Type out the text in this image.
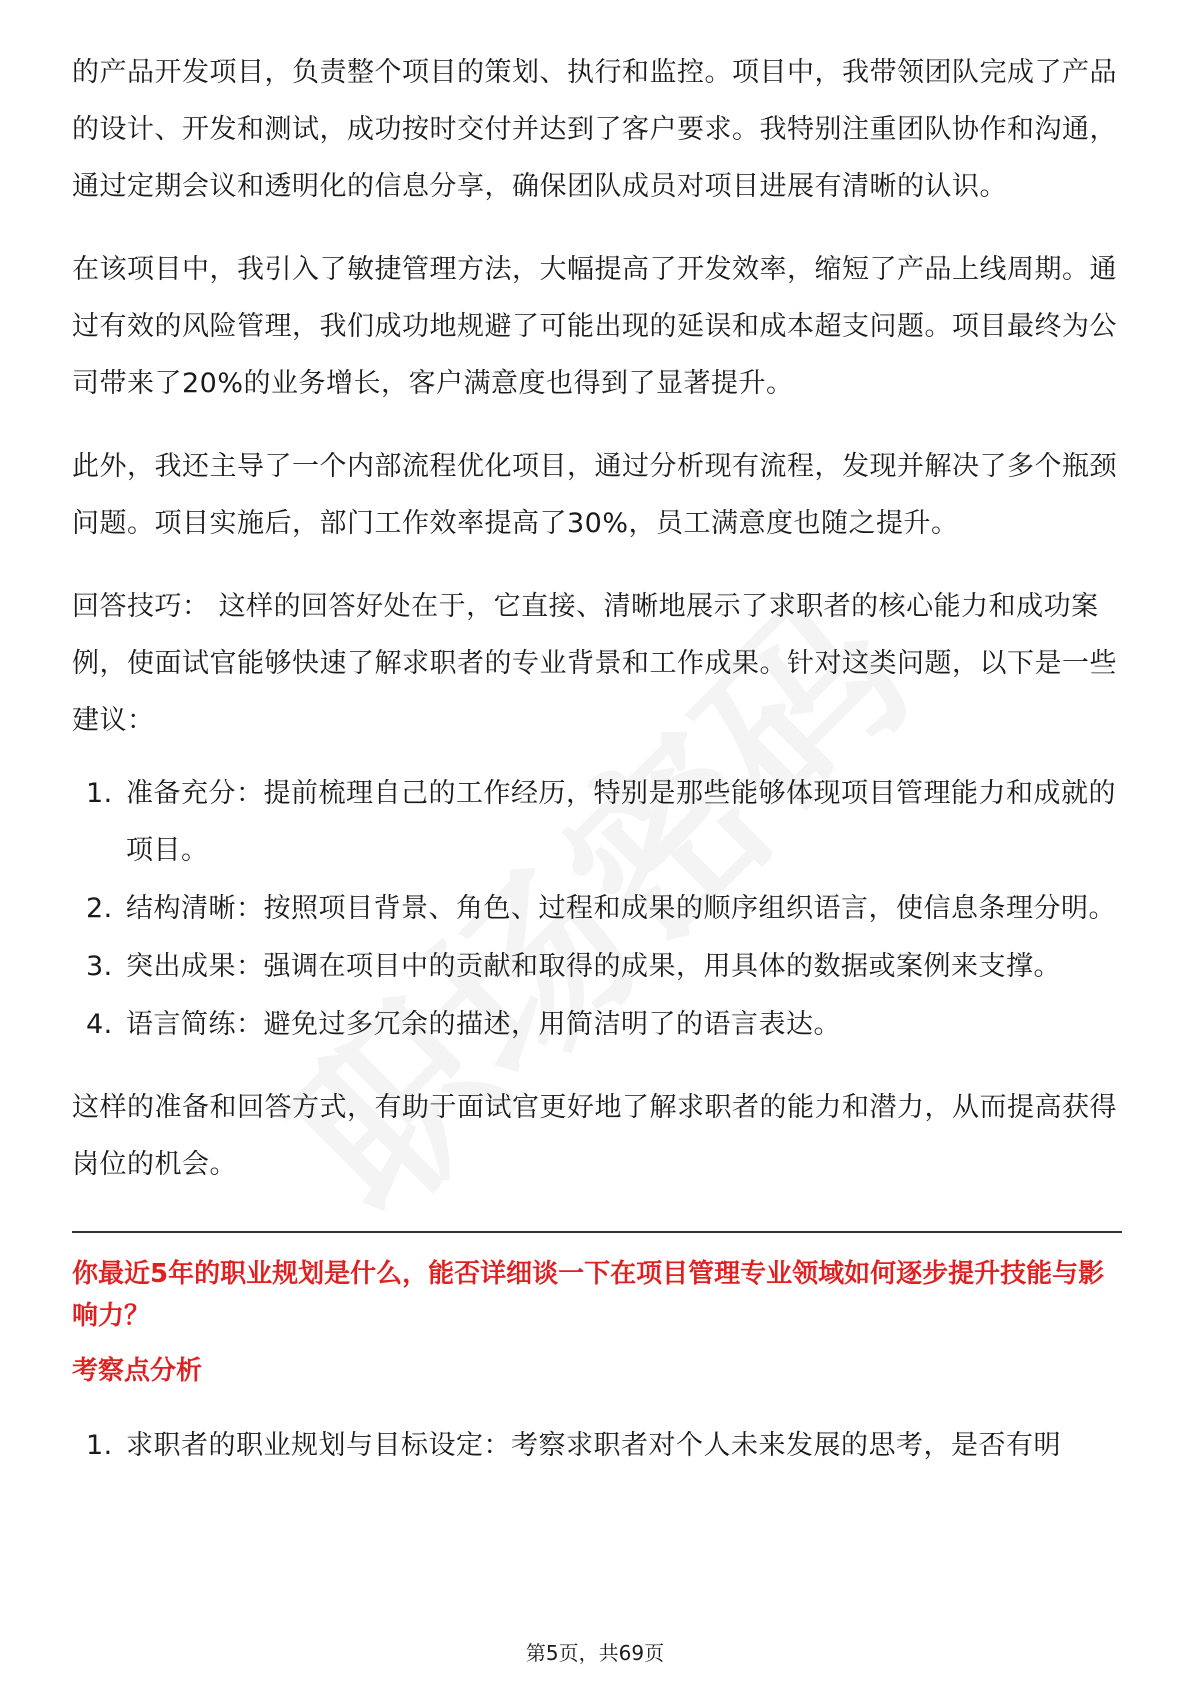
的产品开发项目，负责整个项目的策划、执行和监控。项目中，我带领团队完成了产品的设计、开发和测试，成功按时交付并达到了客户要求。我特别注重团队协作和沟通，通过定期会议和透明化的信息分享，确保团队成员对项目进展有清晰的认识。

在该项目中，我引入了敏捷管理方法，大幅提高了开发效率，缩短了产品上线周期。通过有效的风险管理，我们成功地规避了可能出现的延误和成本超支问题。项目最终为公司带来了20%的业务增长，客户满意度也得到了显著提升。

此外，我还主导了一个内部流程优化项目，通过分析现有流程，发现并解决了多个瓶颈问题。项目实施后，部门工作效率提高了30%，员工满意度也随之提升。

回答技巧： 这样的回答好处在于，它直接、清晰地展示了求职者的核心能力和成功案例，使面试官能够快速了解求职者的专业背景和工作成果。针对这类问题，以下是一些建议：

1. 准备充分：提前梳理自己的工作经历，特别是那些能够体现项目管理能力和成就的项目。
2. 结构清晰：按照项目背景、角色、过程和成果的顺序组织语言，使信息条理分明。
3. 突出成果：强调在项目中的贡献和取得的成果，用具体的数据或案例来支撑。
4. 语言简练：避免过多冗余的描述，用简洁明了的语言表达。

这样的准备和回答方式，有助于面试官更好地了解求职者的能力和潜力，从而提高获得岗位的机会。

你最近5年的职业规划是什么，能否详细谈一下在项目管理专业领域如何逐步提升技能与影响力？
考察点分析
1. 求职者的职业规划与目标设定：考察求职者对个人未来发展的思考，是否有明
第5页，共69页
